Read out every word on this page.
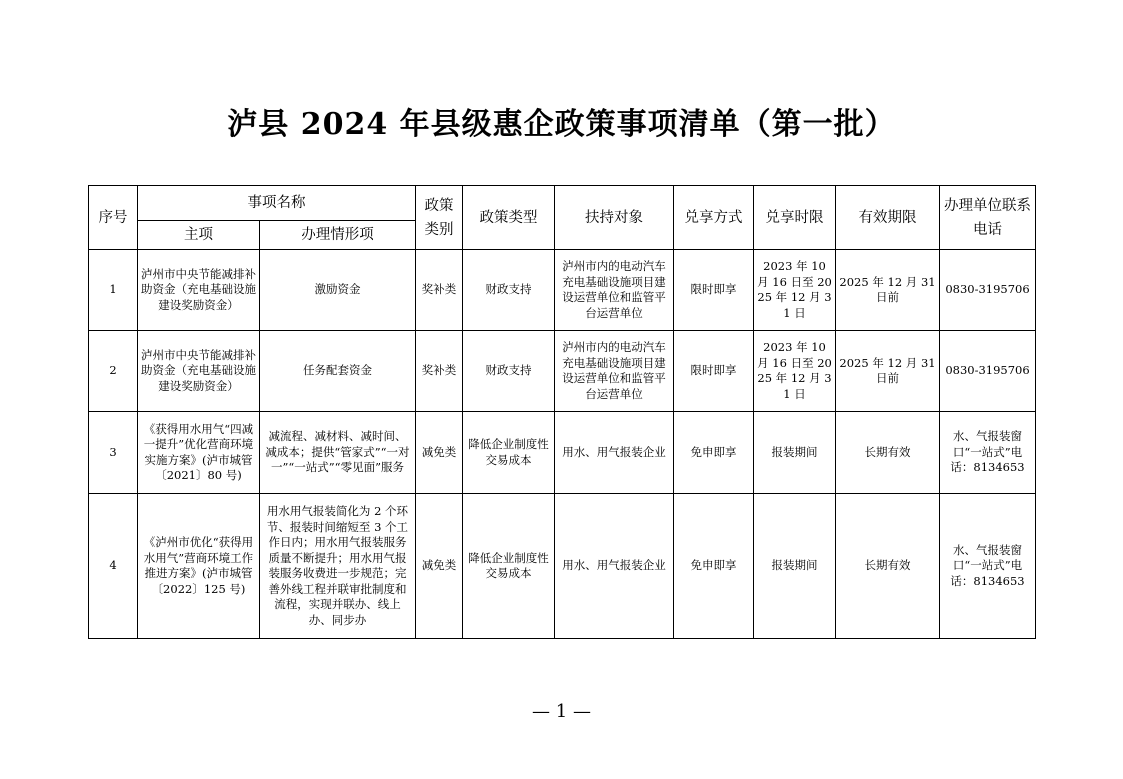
泸县 2024 年县级惠企政策事项清单（第一批）
序号	事项名称		政策类别	政策类型	扶持对象	兑享方式	兑享时限	有效期限	办理单位联系电话
	主项	办理情形项							
1	泸州市中央节能减排补助资金（充电基础设施建设奖励资金）	激励资金	奖补类	财政支持	泸州市内的电动汽车充电基础设施项目建设运营单位和监管平台运营单位	限时即享	2023 年 10 月 16 日至 2025 年 12 月 31 日	2025 年 12 月 31 日前	0830-3195706
2	泸州市中央节能减排补助资金（充电基础设施建设奖励资金）	任务配套资金	奖补类	财政支持	泸州市内的电动汽车充电基础设施项目建设运营单位和监管平台运营单位	限时即享	2023 年 10 月 16 日至 2025 年 12 月 31 日	2025 年 12 月 31 日前	0830-3195706
3	《获得用水用气“四减一提升”优化营商环境实施方案》(泸市城管〔2021〕80 号)	减流程、减材料、减时间、减成本；提供“管家式”“一对一”“一站式”“零见面”服务	减免类	降低企业制度性交易成本	用水、用气报装企业	免申即享	报装期间	长期有效	水、气报装窗口“一站式”电话：8134653
4	《泸州市优化“获得用水用气”营商环境工作推进方案》(泸市城管〔2022〕125 号)	用水用气报装简化为 2 个环节、报装时间缩短至 3 个工作日内；用水用气报装服务质量不断提升；用水用气报装服务收费进一步规范；完善外线工程并联审批制度和流程，实现并联办、线上办、同步办	减免类	降低企业制度性交易成本	用水、用气报装企业	免申即享	报装期间	长期有效	水、气报装窗口“一站式”电话：8134653
— 1 —
